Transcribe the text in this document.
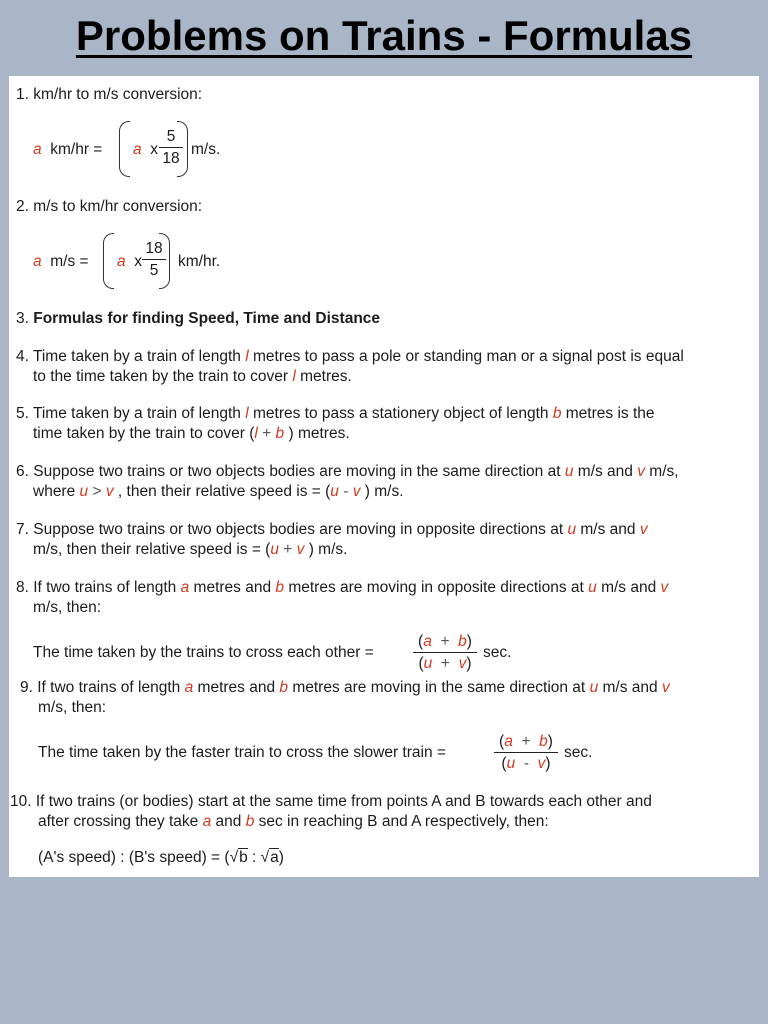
Problems on Trains - Formulas
1. km/hr to m/s conversion:
a km/hr = a x
5
18
m/s.
2. m/s to km/hr conversion:
a m/s = a x
18
5
km/hr.
3. Formulas for finding Speed, Time and Distance
4. Time taken by a train of length l metres to pass a pole or standing man or a signal post is equal
to the time taken by the train to cover l metres.
5. Time taken by a train of length l metres to pass a stationery object of length b metres is the
time taken by the train to cover (l + b ) metres.
6. Suppose two trains or two objects bodies are moving in the same direction at u m/s and v m/s,
where u > v , then their relative speed is = (u - v ) m/s.
7. Suppose two trains or two objects bodies are moving in opposite directions at u m/s and v
m/s, then their relative speed is = (u + v ) m/s.
8. If two trains of length a metres and b metres are moving in opposite directions at u m/s and v
m/s, then:
The time taken by the trains to cross each other =
(a + b)
(u + v)
sec.
9. If two trains of length a metres and b metres are moving in the same direction at u m/s and v
m/s, then:
The time taken by the faster train to cross the slower train =
(a + b)
(u - v)
sec.
10. If two trains (or bodies) start at the same time from points A and B towards each other and
after crossing they take a and b sec in reaching B and A respectively, then:
(A's speed) : (B's speed) = (√b : √a)
